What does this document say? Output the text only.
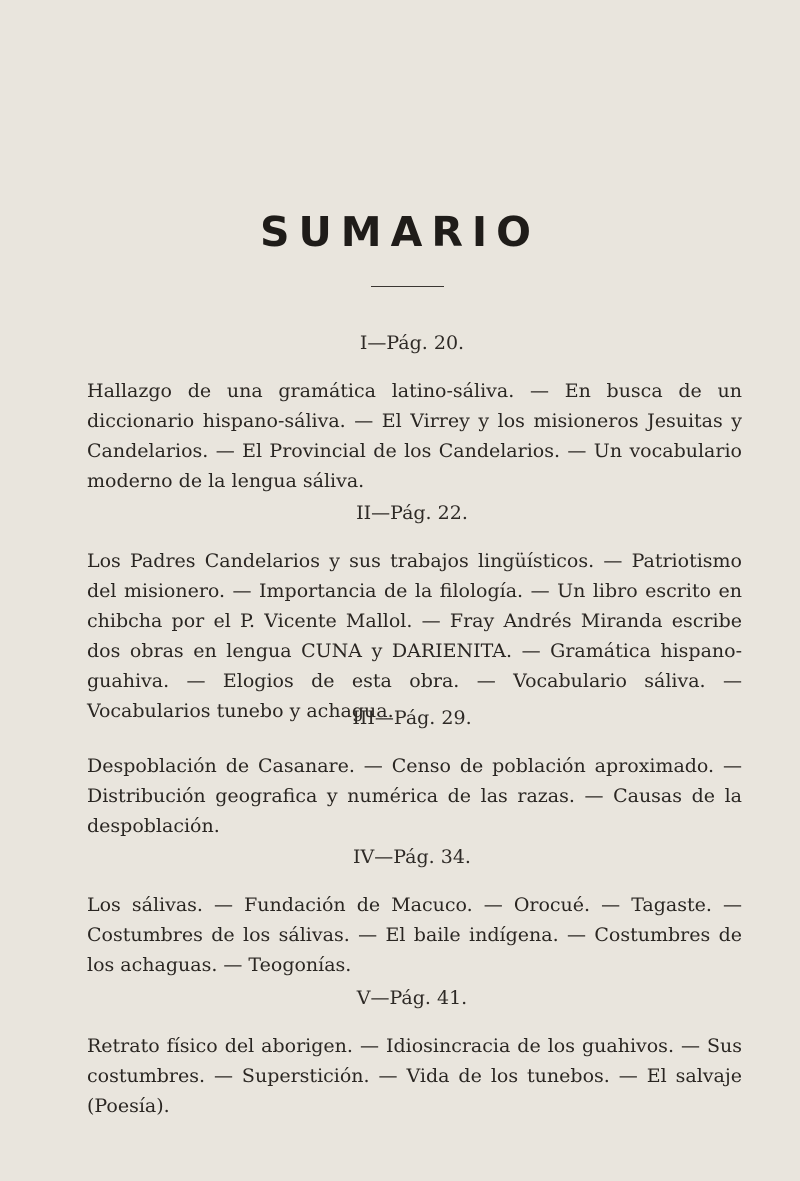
SUMARIO
I—Pág. 20.
Hallazgo de una gramática latino-sáliva. — En busca de un diccionario hispano-sáliva. — El Virrey y los misioneros Jesuitas y Candelarios. — El Provincial de los Candelarios. — Un vocabulario moderno de la lengua sáliva.
II—Pág. 22.
Los Padres Candelarios y sus trabajos lingüísticos. — Patriotismo del misionero. — Importancia de la filología. — Un libro escrito en chibcha por el P. Vicente Mallol. — Fray Andrés Miranda escribe dos obras en lengua CUNA y DARIENITA. — Gramática hispano-guahiva. — Elogios de esta obra. — Vocabulario sáliva. — Vocabularios tunebo y achagua.
III—Pág. 29.
Despoblación de Casanare. — Censo de población aproximado. — Distribución geografica y numérica de las razas. — Causas de la despoblación.
IV—Pág. 34.
Los sálivas. — Fundación de Macuco. — Orocué. — Tagaste. — Costumbres de los sálivas. — El baile indígena. — Costumbres de los achaguas. — Teogonías.
V—Pág. 41.
Retrato físico del aborigen. — Idiosincracia de los guahivos. — Sus costumbres. — Superstición. — Vida de los tunebos. — El salvaje (Poesía).
